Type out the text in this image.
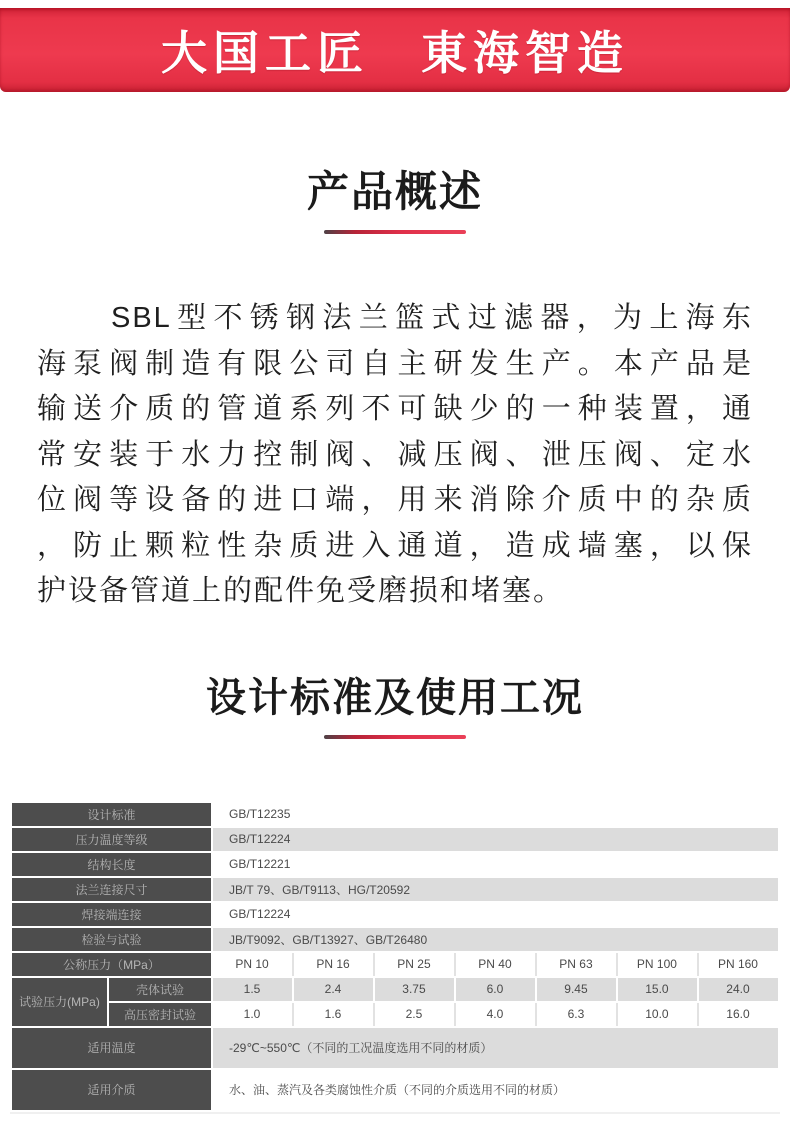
大国工匠　東海智造
产品概述
SBL型不锈钢法兰篮式过滤器，为上海东
海泵阀制造有限公司自主研发生产。本产品是
输送介质的管道系列不可缺少的一种装置，通
常安装于水力控制阀、减压阀、泄压阀、定水
位阀等设备的进口端，用来消除介质中的杂质
，防止颗粒性杂质进入通道，造成墙塞，以保
护设备管道上的配件免受磨损和堵塞。
设计标准及使用工况
设计标准		GB/T12235						
压力温度等级		GB/T12224						
结构长度		GB/T12221						
法兰连接尺寸		JB/T 79、GB/T9113、HG/T20592						
焊接端连接		GB/T12224						
检验与试验		JB/T9092、GB/T13927、GB/T26480						
公称压力（MPa）		PN 10	PN 16	PN 25	PN 40	PN 63	PN 100	PN 160
试验压力(MPa)	壳体试验	1.5	2.4	3.75	6.0	9.45	15.0	24.0
	高压密封试验	1.0	1.6	2.5	4.0	6.3	10.0	16.0
适用温度		-29℃~550℃（不同的工况温度选用不同的材质）						
适用介质		水、油、蒸汽及各类腐蚀性介质（不同的介质选用不同的材质）						
